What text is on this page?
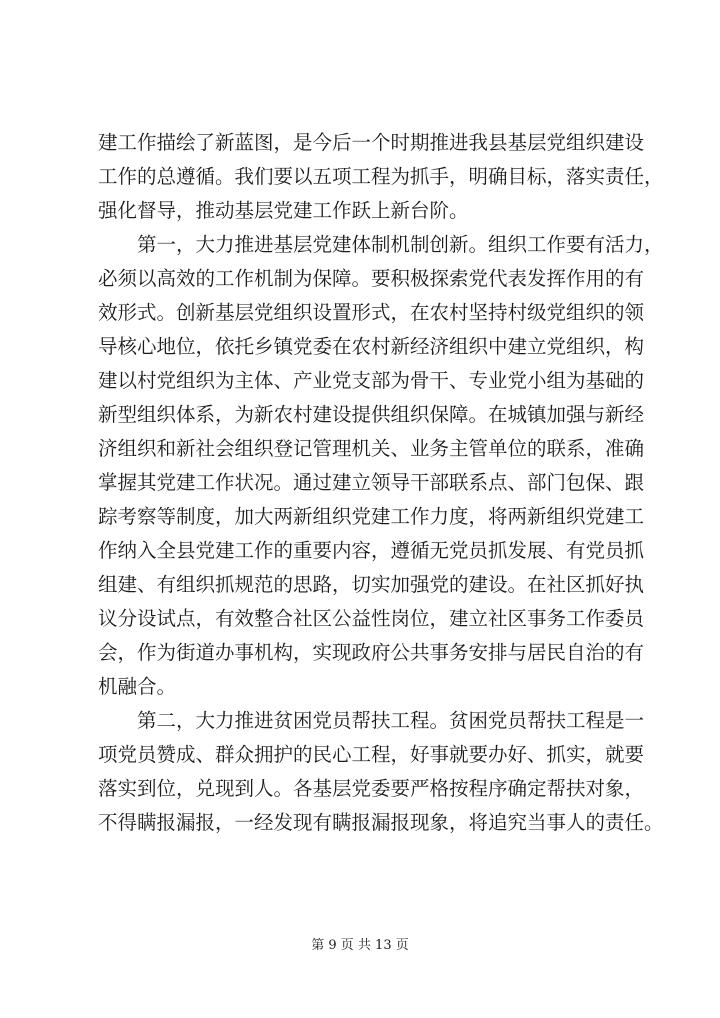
建工作描绘了新蓝图，是今后一个时期推进我县基层党组织建设
工作的总遵循。我们要以五项工程为抓手，明确目标，落实责任，
强化督导，推动基层党建工作跃上新台阶。
第一，大力推进基层党建体制机制创新。组织工作要有活力，
必须以高效的工作机制为保障。要积极探索党代表发挥作用的有
效形式。创新基层党组织设置形式，在农村坚持村级党组织的领
导核心地位，依托乡镇党委在农村新经济组织中建立党组织，构
建以村党组织为主体、产业党支部为骨干、专业党小组为基础的
新型组织体系，为新农村建设提供组织保障。在城镇加强与新经
济组织和新社会组织登记管理机关、业务主管单位的联系，准确
掌握其党建工作状况。通过建立领导干部联系点、部门包保、跟
踪考察等制度，加大两新组织党建工作力度，将两新组织党建工
作纳入全县党建工作的重要内容，遵循无党员抓发展、有党员抓
组建、有组织抓规范的思路，切实加强党的建设。在社区抓好执
议分设试点，有效整合社区公益性岗位，建立社区事务工作委员
会，作为街道办事机构，实现政府公共事务安排与居民自治的有
机融合。
第二，大力推进贫困党员帮扶工程。贫困党员帮扶工程是一
项党员赞成、群众拥护的民心工程，好事就要办好、抓实，就要
落实到位，兑现到人。各基层党委要严格按程序确定帮扶对象，
不得瞒报漏报，一经发现有瞒报漏报现象，将追究当事人的责任。
第 9 页 共 13 页
